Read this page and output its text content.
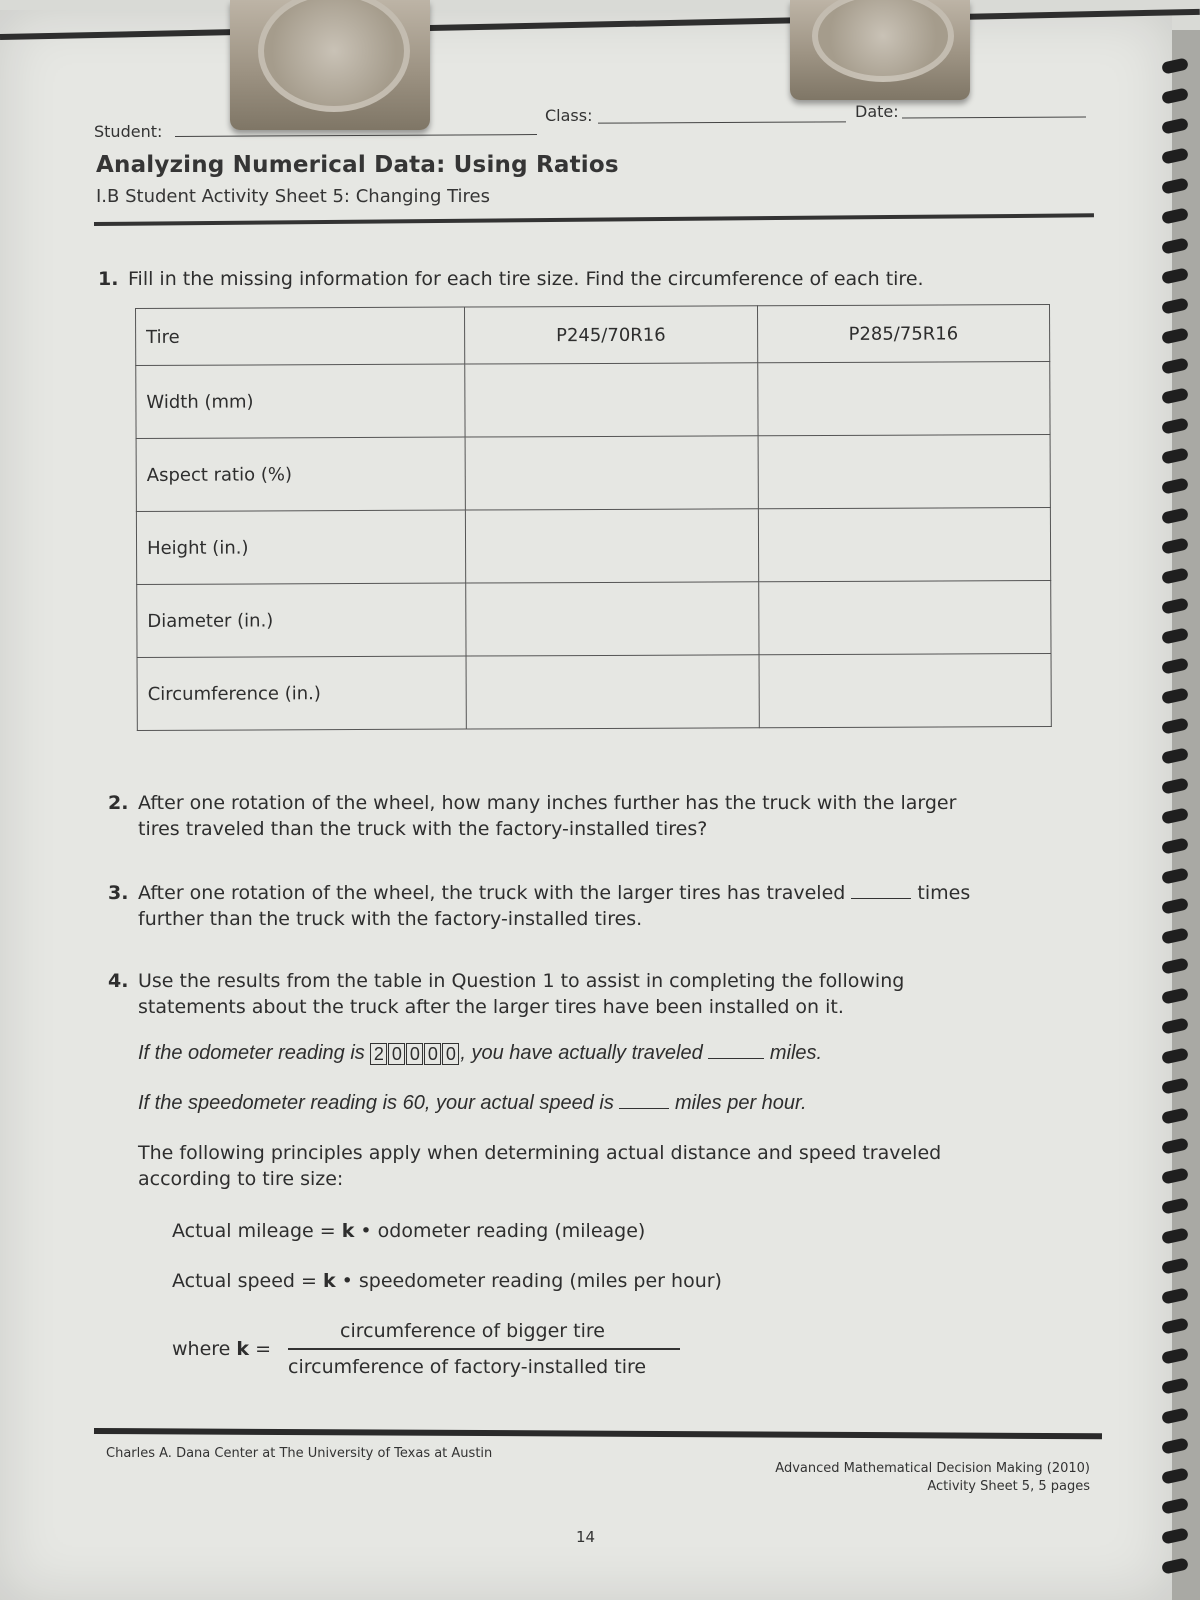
Student:
Class:	Date:
Analyzing Numerical Data: Using Ratios
I.B Student Activity Sheet 5: Changing Tires
1. Fill in the missing information for each tire size. Find the circumference of each tire.
Tire	P245/70R16	P285/75R16
Width (mm)		
Aspect ratio (%)		
Height (in.)		
Diameter (in.)		
Circumference (in.)		
2. After one rotation of the wheel, how many inches further has the truck with the larger
tires traveled than the truck with the factory-installed tires?
3. After one rotation of the wheel, the truck with the larger tires has traveled	times
further than the truck with the factory-installed tires.
4. Use the results from the table in Question 1 to assist in completing the following
statements about the truck after the larger tires have been installed on it.
If the odometer reading is 2 0 0 0 0 , you have actually traveled	miles.
If the speedometer reading is 60, your actual speed is	miles per hour.
The following principles apply when determining actual distance and speed traveled
according to tire size:
Actual mileage = k • odometer reading (mileage)
Actual speed = k • speedometer reading (miles per hour)
where k =
circumference of bigger tire
circumference of factory-installed tire
Charles A. Dana Center at The University of Texas at Austin
Advanced Mathematical Decision Making (2010)
Activity Sheet 5, 5 pages
14
